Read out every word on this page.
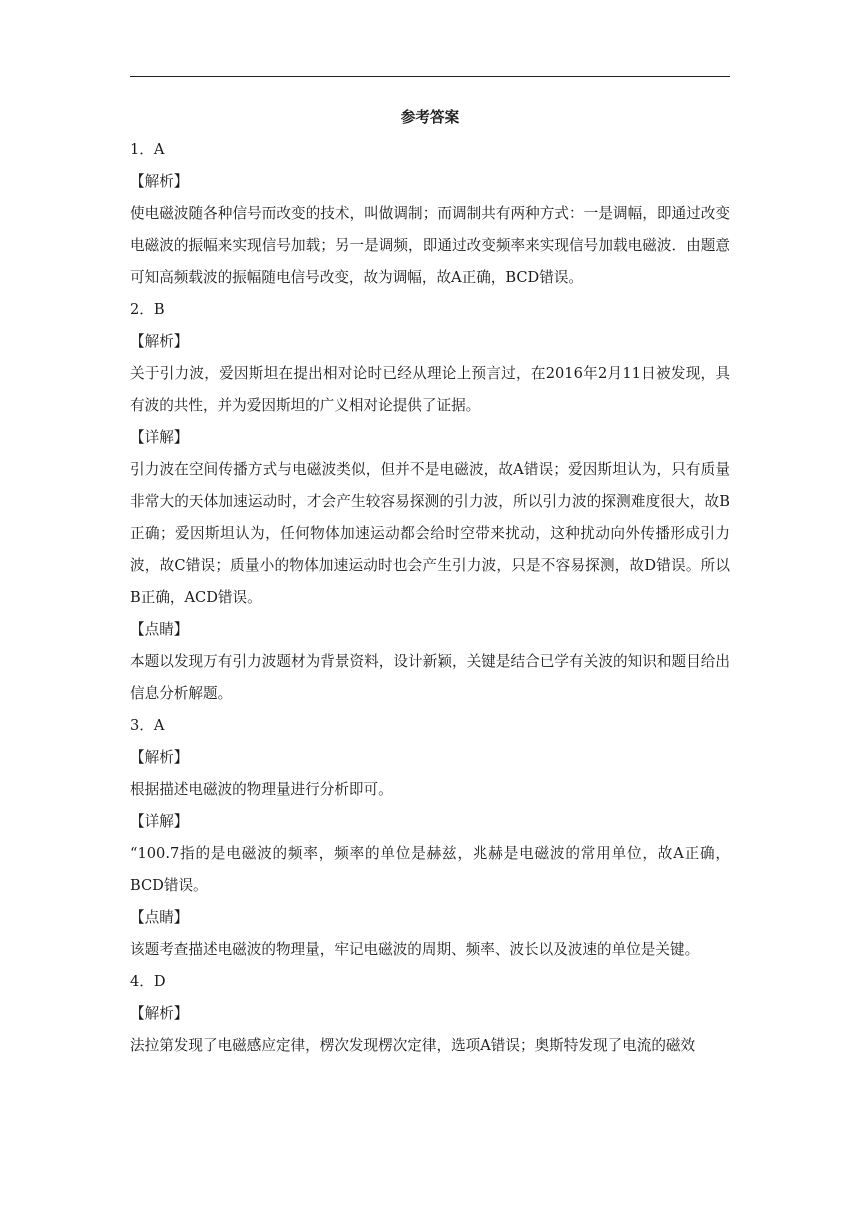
参考答案
1．A
【解析】
使电磁波随各种信号而改变的技术，叫做调制；而调制共有两种方式：一是调幅，即通过改变电磁波的振幅来实现信号加载；另一是调频，即通过改变频率来实现信号加载电磁波．由题意可知高频载波的振幅随电信号改变，故为调幅，故A正确，BCD错误。
2．B
【解析】
关于引力波，爱因斯坦在提出相对论时已经从理论上预言过，在2016年2月11日被发现，具有波的共性，并为爱因斯坦的广义相对论提供了证据。
【详解】
引力波在空间传播方式与电磁波类似，但并不是电磁波，故A错误；爱因斯坦认为，只有质量非常大的天体加速运动时，才会产生较容易探测的引力波，所以引力波的探测难度很大，故B正确；爱因斯坦认为，任何物体加速运动都会给时空带来扰动，这种扰动向外传播形成引力波，故C错误；质量小的物体加速运动时也会产生引力波，只是不容易探测，故D错误。所以B正确，ACD错误。
【点睛】
本题以发现万有引力波题材为背景资料，设计新颖，关键是结合已学有关波的知识和题目给出信息分析解题。
3．A
【解析】
根据描述电磁波的物理量进行分析即可。
【详解】
“100.7指的是电磁波的频率，频率的单位是赫兹，兆赫是电磁波的常用单位，故A正确，BCD错误。
【点睛】
该题考查描述电磁波的物理量，牢记电磁波的周期、频率、波长以及波速的单位是关键。
4．D
【解析】
法拉第发现了电磁感应定律，楞次发现楞次定律，选项A错误；奥斯特发现了电流的磁效
